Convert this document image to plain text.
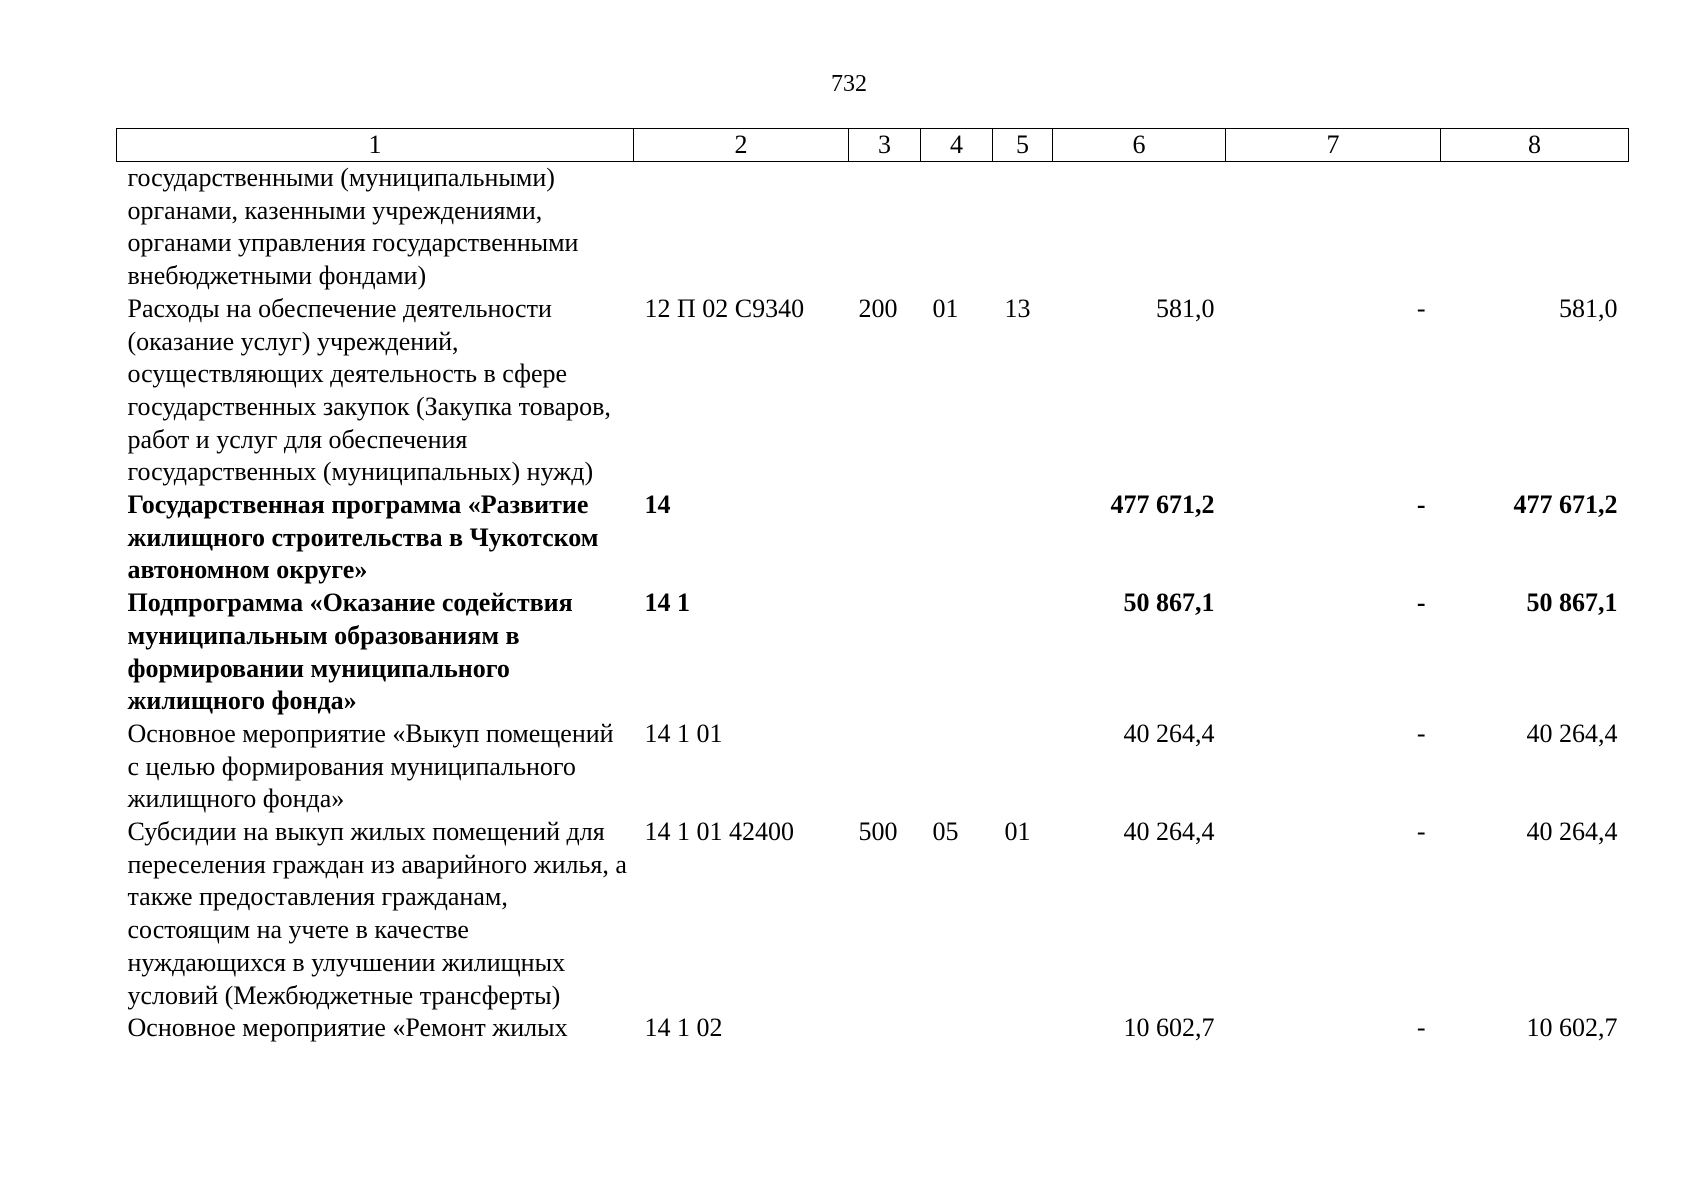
732
1	2	3	4	5	6	7	8
государственными (муниципальными) органами, казенными учреждениями, органами управления государственными внебюджетными фондами)							
Расходы на обеспечение деятельности (оказание услуг) учреждений, осуществляющих деятельность в сфере государственных закупок (Закупка товаров, работ и услуг для обеспечения государственных (муниципальных) нужд)	12 П 02 С9340	200	01	13	581,0	-	581,0
Государственная программа «Развитие жилищного строительства в Чукотском автономном округе»	14				477 671,2	-	477 671,2
Подпрограмма «Оказание содействия муниципальным образованиям в формировании муниципального жилищного фонда»	14 1				50 867,1	-	50 867,1
Основное мероприятие «Выкуп помещений с целью формирования муниципального жилищного фонда»	14 1 01				40 264,4	-	40 264,4
Субсидии на выкуп жилых помещений для переселения граждан из аварийного жилья, а также предоставления гражданам, состоящим на учете в качестве нуждающихся в улучшении жилищных условий (Межбюджетные трансферты)	14 1 01 42400	500	05	01	40 264,4	-	40 264,4
Основное мероприятие «Ремонт жилых	14 1 02				10 602,7	-	10 602,7
